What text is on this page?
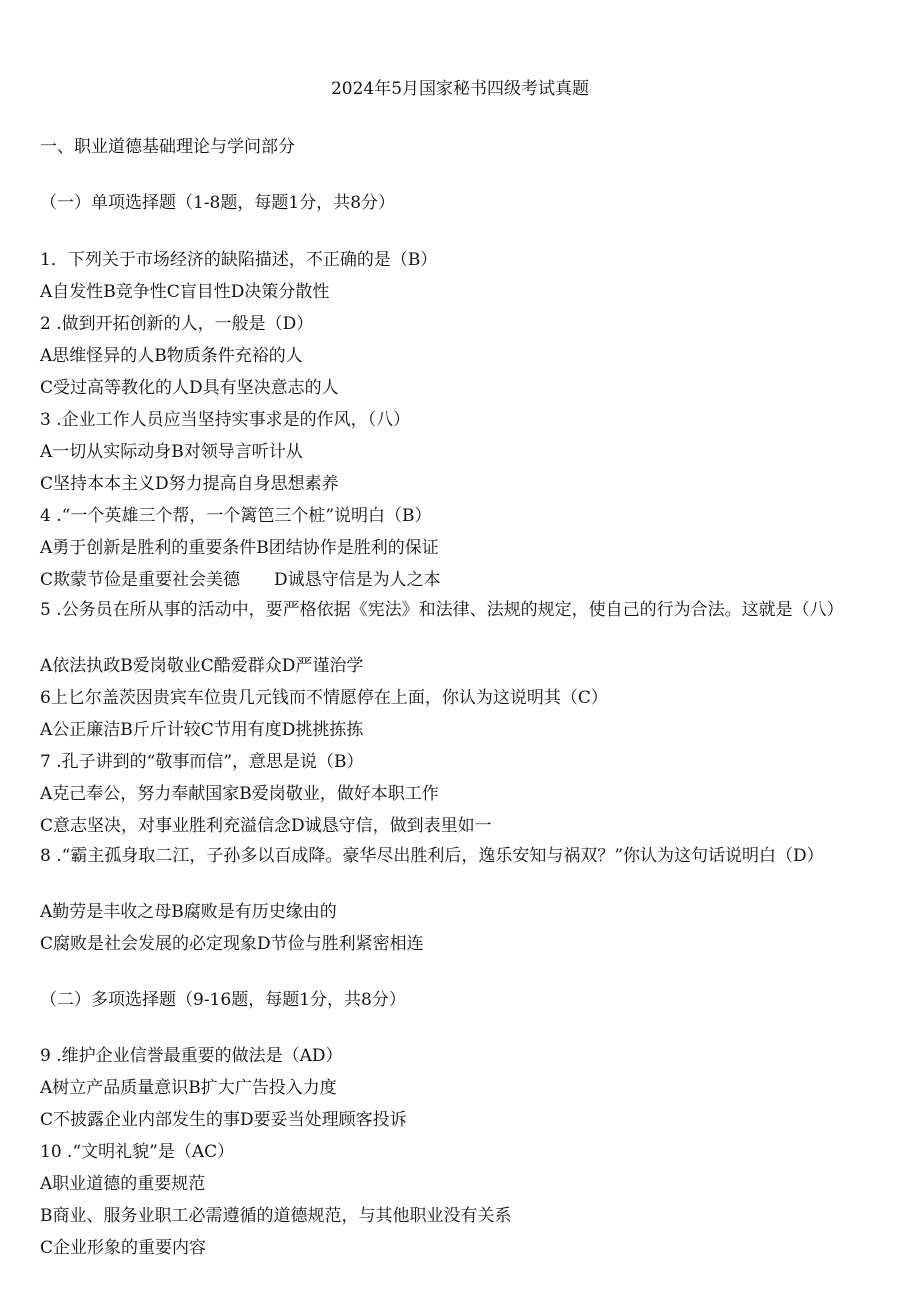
2024年5月国家秘书四级考试真题
一、职业道德基础理论与学问部分
（一）单项选择题（1-8题，每题1分，共8分）
1．下列关于市场经济的缺陷描述，不正确的是（B）
A自发性B竞争性C盲目性D决策分散性
2 .做到开拓创新的人，一般是（D）
A思维怪异的人B物质条件充裕的人
C受过高等教化的人D具有坚决意志的人
3 .企业工作人员应当坚持实事求是的作风，（八）
A一切从实际动身B对领导言听计从
C坚持本本主义D努力提高自身思想素养
4 .“一个英雄三个帮，一个篱笆三个桩”说明白（B）
A勇于创新是胜利的重要条件B团结协作是胜利的保证
C欺蒙节俭是重要社会美德　　D诚恳守信是为人之本
5 .公务员在所从事的活动中，要严格依据《宪法》和法律、法规的规定，使自己的行为合法。这就是（八）
A依法执政B爱岗敬业C酷爱群众D严谨治学
6上匕尔盖茨因贵宾车位贵几元钱而不情愿停在上面，你认为这说明其（C）
A公正廉洁B斤斤计较C节用有度D挑挑拣拣
7 .孔子讲到的“敬事而信”，意思是说（B）
A克己奉公，努力奉献国家B爱岗敬业，做好本职工作
C意志坚决，对事业胜利充溢信念D诚恳守信，做到表里如一
8 .“霸主孤身取二江，子孙多以百成降。豪华尽出胜利后，逸乐安知与祸双？”你认为这句话说明白（D）
A勤劳是丰收之母B腐败是有历史缘由的
C腐败是社会发展的必定现象D节俭与胜利紧密相连
（二）多项选择题（9-16题，每题1分，共8分）
9 .维护企业信誉最重要的做法是（AD）
A树立产品质量意识B扩大广告投入力度
C不披露企业内部发生的事D要妥当处理顾客投诉
10 .“文明礼貌”是（AC）
A职业道德的重要规范
B商业、服务业职工必需遵循的道德规范，与其他职业没有关系
C企业形象的重要内容
